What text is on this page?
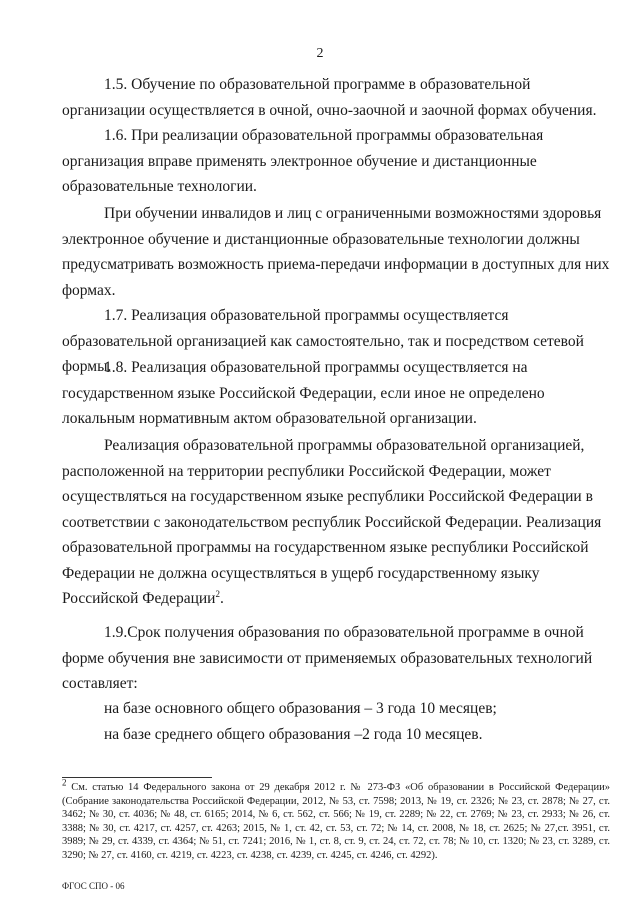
2

1.5. Обучение по образовательной программе в образовательной организации осуществляется в очной, очно-заочной и заочной формах обучения.

1.6. При реализации образовательной программы образовательная организация вправе применять электронное обучение и дистанционные образовательные технологии.

При обучении инвалидов и лиц с ограниченными возможностями здоровья электронное обучение и дистанционные образовательные технологии должны предусматривать возможность приема-передачи информации в доступных для них формах.

1.7. Реализация образовательной программы осуществляется образовательной организацией как самостоятельно, так и посредством сетевой формы.

1.8. Реализация образовательной программы осуществляется на государственном языке Российской Федерации, если иное не определено локальным нормативным актом образовательной организации.

Реализация образовательной программы образовательной организацией, расположенной на территории республики Российской Федерации, может осуществляться на государственном языке республики Российской Федерации в соответствии с законодательством республик Российской Федерации. Реализация образовательной программы на государственном языке республики Российской Федерации не должна осуществляться в ущерб государственному языку Российской Федерации$^2$.

1.9.Срок получения образования по образовательной программе в очной форме обучения вне зависимости от применяемых образовательных технологий составляет:

на базе основного общего образования – 3 года 10 месяцев;

на базе среднего общего образования –2 года 10 месяцев.

$^2$ См. статью 14 Федерального закона от 29 декабря 2012 г. № 273-ФЗ «Об образовании в Российской Федерации» (Собрание законодательства Российской Федерации, 2012, № 53, ст. 7598; 2013, № 19, ст. 2326; № 23, ст. 2878; № 27, ст. 3462; № 30, ст. 4036; № 48, ст. 6165; 2014, № 6, ст. 562, ст. 566; № 19, ст. 2289; № 22, ст. 2769; № 23, ст. 2933; № 26, ст. 3388; № 30, ст. 4217, ст. 4257, ст. 4263; 2015, № 1, ст. 42, ст. 53, ст. 72; № 14, ст. 2008, № 18, ст. 2625; № 27,ст. 3951, ст. 3989; № 29, ст. 4339, ст. 4364; № 51, ст. 7241; 2016, № 1, ст. 8, ст. 9, ст. 24, ст. 72, ст. 78; № 10, ст. 1320; № 23, ст. 3289, ст. 3290; № 27, ст. 4160, ст. 4219, ст. 4223, ст. 4238, ст. 4239, ст. 4245, ст. 4246, ст. 4292).

ФГОС СПО - 06
